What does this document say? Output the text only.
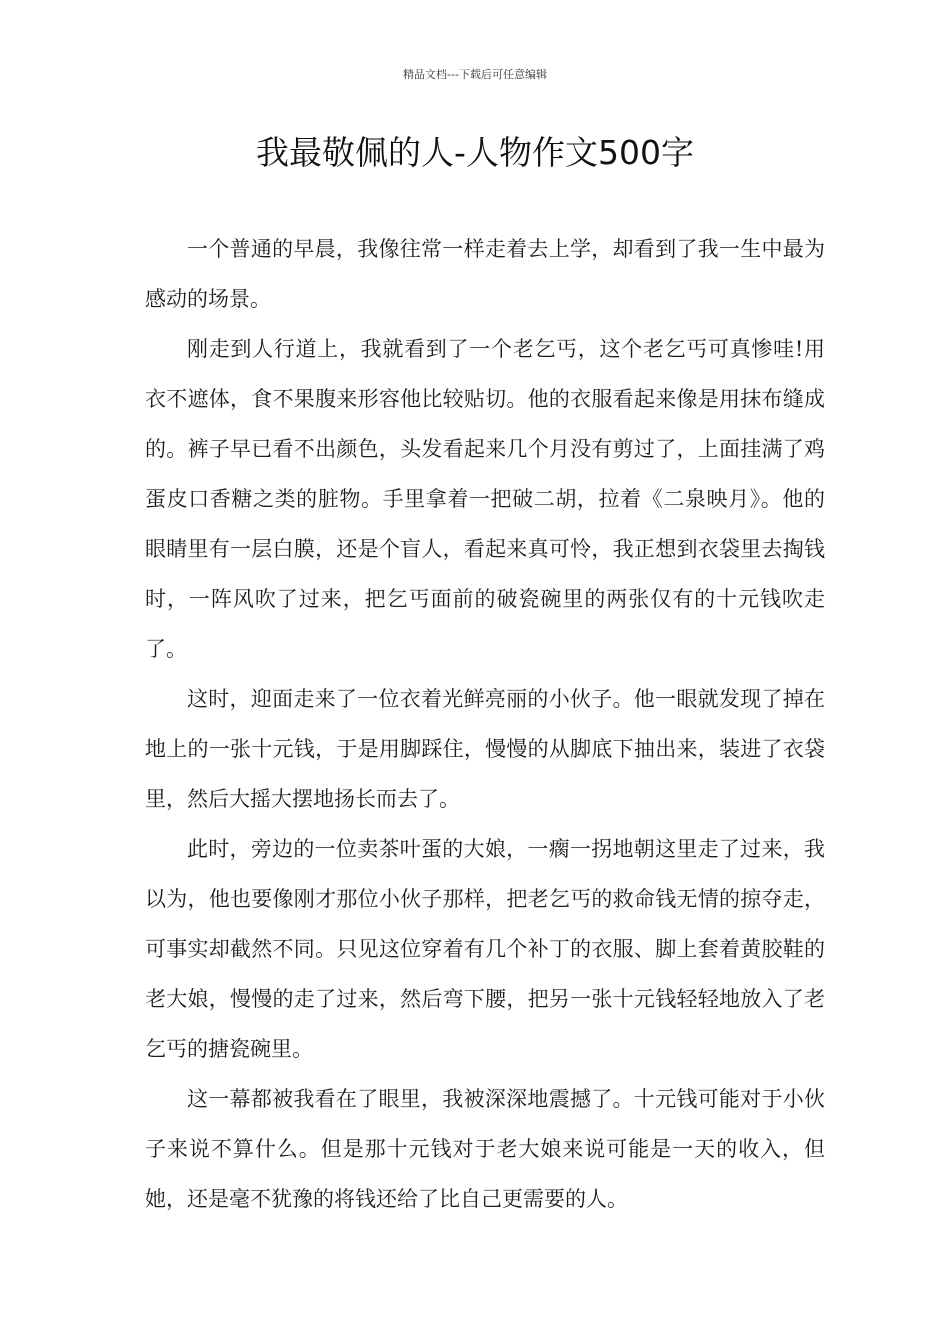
精品文档---下载后可任意编辑
我最敬佩的人-人物作文500字

一个普通的早晨，我像往常一样走着去上学，却看到了我一生中最为感动的场景。

刚走到人行道上，我就看到了一个老乞丐，这个老乞丐可真惨哇!用衣不遮体，食不果腹来形容他比较贴切。他的衣服看起来像是用抹布缝成的。裤子早已看不出颜色，头发看起来几个月没有剪过了，上面挂满了鸡蛋皮口香糖之类的脏物。手里拿着一把破二胡，拉着《二泉映月》。他的眼睛里有一层白膜，还是个盲人，看起来真可怜，我正想到衣袋里去掏钱时，一阵风吹了过来，把乞丐面前的破瓷碗里的两张仅有的十元钱吹走了。

这时，迎面走来了一位衣着光鲜亮丽的小伙子。他一眼就发现了掉在地上的一张十元钱，于是用脚踩住，慢慢的从脚底下抽出来，装进了衣袋里，然后大摇大摆地扬长而去了。

此时，旁边的一位卖茶叶蛋的大娘，一瘸一拐地朝这里走了过来，我以为，他也要像刚才那位小伙子那样，把老乞丐的救命钱无情的掠夺走，可事实却截然不同。只见这位穿着有几个补丁的衣服、脚上套着黄胶鞋的老大娘，慢慢的走了过来，然后弯下腰，把另一张十元钱轻轻地放入了老乞丐的搪瓷碗里。

这一幕都被我看在了眼里，我被深深地震撼了。十元钱可能对于小伙子来说不算什么。但是那十元钱对于老大娘来说可能是一天的收入，但她，还是毫不犹豫的将钱还给了比自己更需要的人。
